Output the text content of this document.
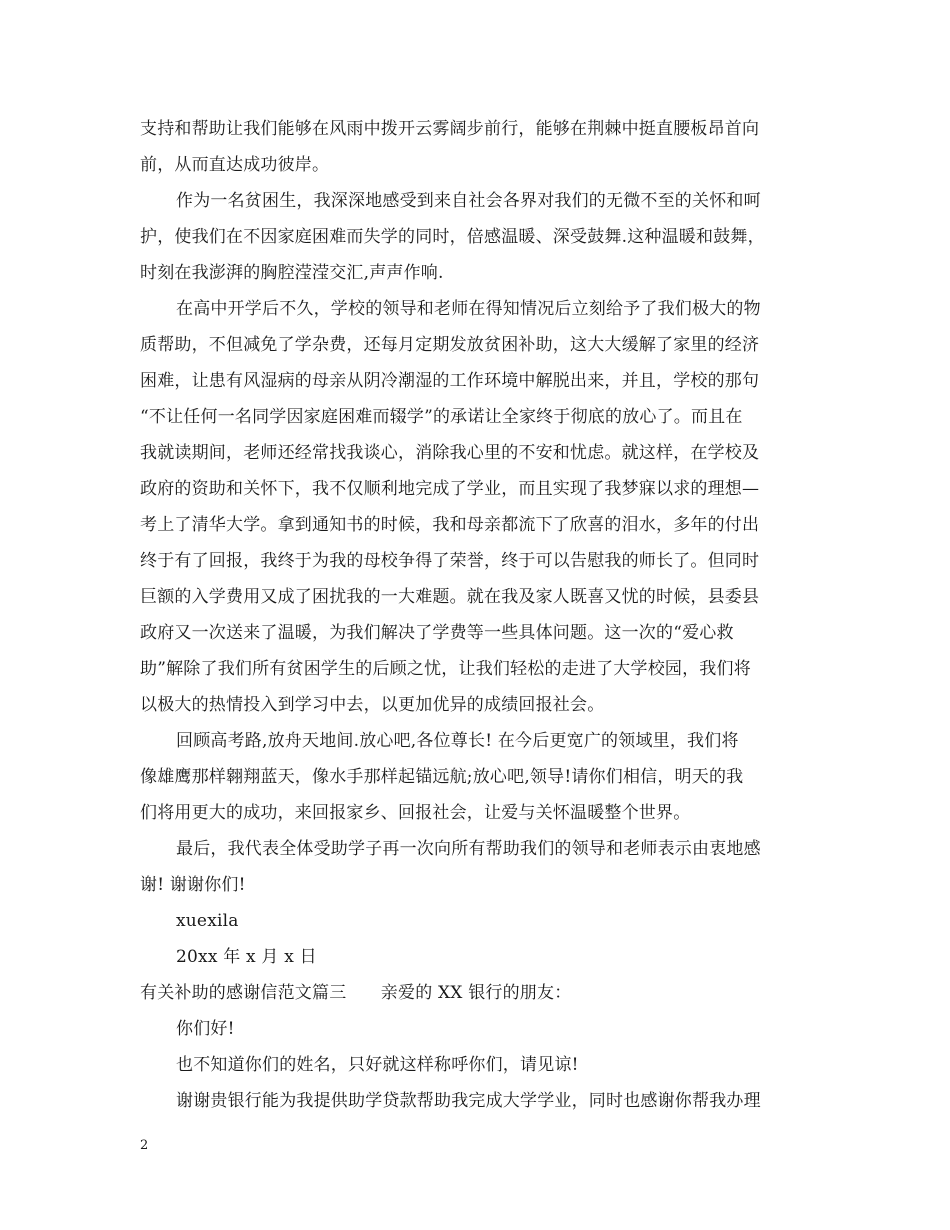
支持和帮助让我们能够在风雨中拨开云雾阔步前行，能够在荆棘中挺直腰板昂首向
前，从而直达成功彼岸。
作为一名贫困生，我深深地感受到来自社会各界对我们的无微不至的关怀和呵
护，使我们在不因家庭困难而失学的同时，倍感温暖、深受鼓舞.这种温暖和鼓舞，
时刻在我澎湃的胸腔滢滢交汇,声声作响.
在高中开学后不久，学校的领导和老师在得知情况后立刻给予了我们极大的物
质帮助，不但减免了学杂费，还每月定期发放贫困补助，这大大缓解了家里的经济
困难，让患有风湿病的母亲从阴冷潮湿的工作环境中解脱出来，并且，学校的那句
“不让任何一名同学因家庭困难而辍学”的承诺让全家终于彻底的放心了。而且在
我就读期间，老师还经常找我谈心，消除我心里的不安和忧虑。就这样，在学校及
政府的资助和关怀下，我不仅顺利地完成了学业，而且实现了我梦寐以求的理想—
考上了清华大学。拿到通知书的时候，我和母亲都流下了欣喜的泪水，多年的付出
终于有了回报，我终于为我的母校争得了荣誉，终于可以告慰我的师长了。但同时
巨额的入学费用又成了困扰我的一大难题。就在我及家人既喜又忧的时候，县委县
政府又一次送来了温暖，为我们解决了学费等一些具体问题。这一次的“爱心救
助”解除了我们所有贫困学生的后顾之忧，让我们轻松的走进了大学校园，我们将
以极大的热情投入到学习中去，以更加优异的成绩回报社会。
回顾高考路,放舟天地间.放心吧,各位尊长! 在今后更宽广的领域里，我们将
像雄鹰那样翱翔蓝天，像水手那样起锚远航;放心吧,领导!请你们相信，明天的我
们将用更大的成功，来回报家乡、回报社会，让爱与关怀温暖整个世界。
最后，我代表全体受助学子再一次向所有帮助我们的领导和老师表示由衷地感
谢! 谢谢你们!
xuexila
20xx 年 x 月 x 日
有关补助的感谢信范文篇三　　亲爱的 XX 银行的朋友：
你们好!
也不知道你们的姓名，只好就这样称呼你们，请见谅!
谢谢贵银行能为我提供助学贷款帮助我完成大学学业，同时也感谢你帮我办理
2
